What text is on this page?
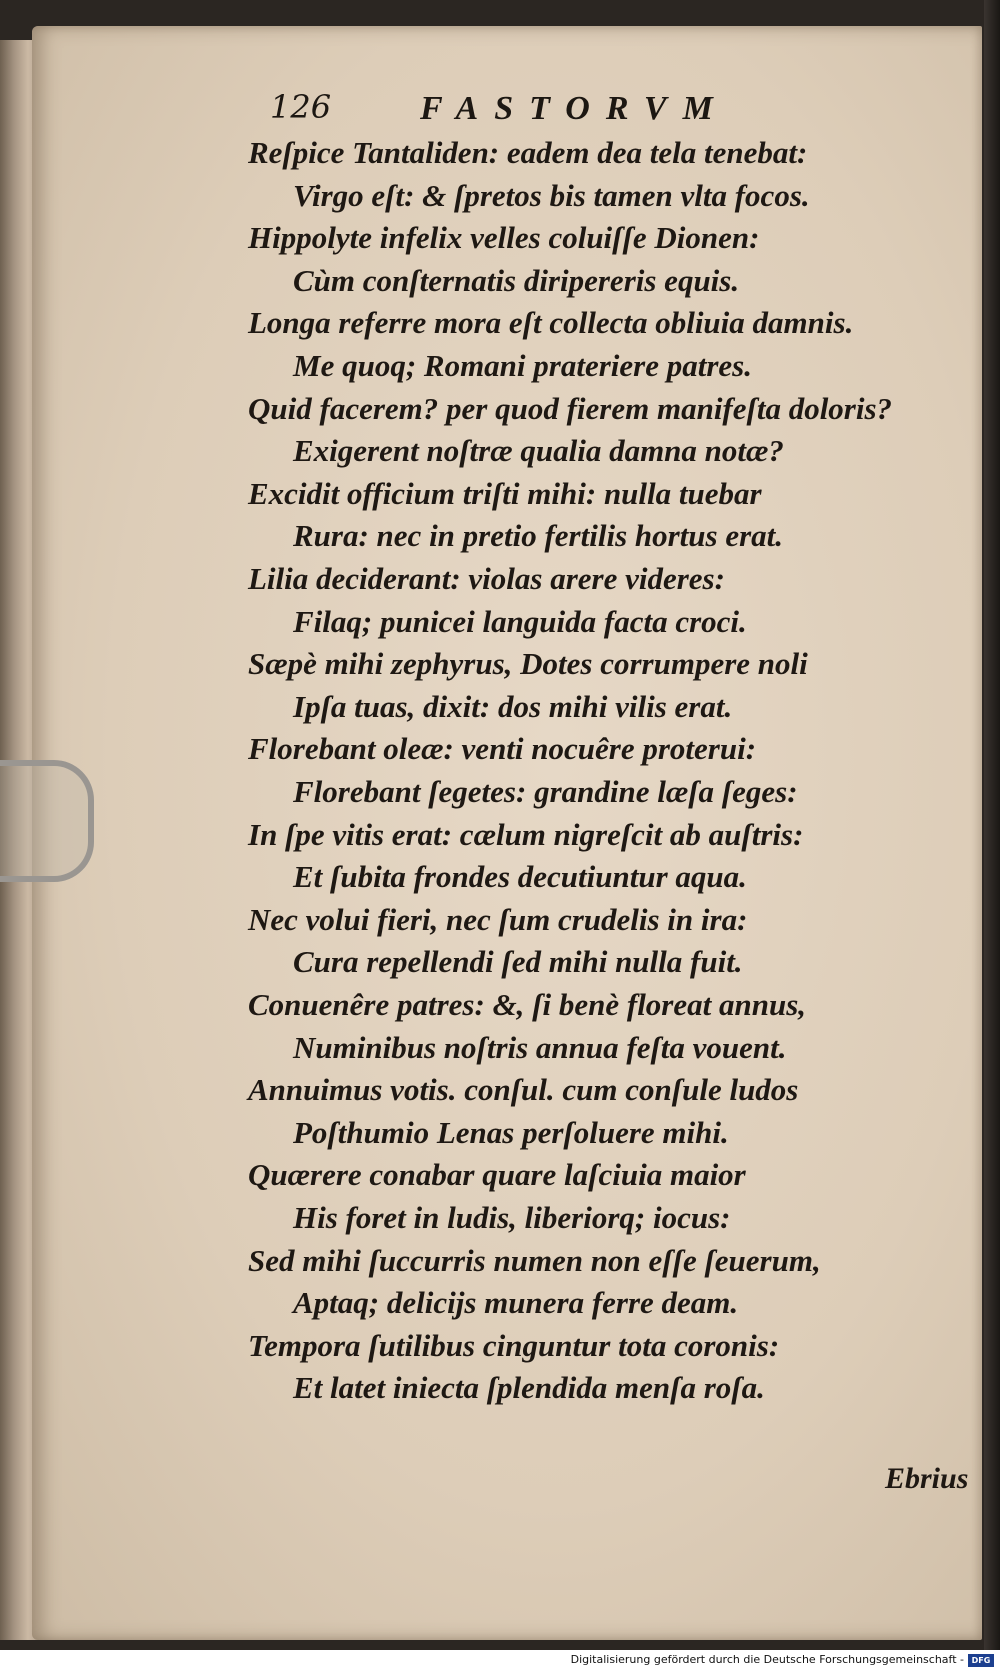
126	FASTORVM
Reſpice Tantaliden: eadem dea tela tenebat:
Virgo eſt: & ſpretos bis tamen vlta focos.
Hippolyte infelix velles coluiſſe Dionen:
Cùm conſternatis diripereris equis.
Longa referre mora eſt collecta obliuia damnis.
Me quoq; Romani prateriere patres.
Quid facerem? per quod fierem manifeſta doloris?
Exigerent noſtræ qualia damna notæ?
Excidit officium triſti mihi: nulla tuebar
Rura: nec in pretio fertilis hortus erat.
Lilia deciderant: violas arere videres:
Filaq; punicei languida facta croci.
Sæpè mihi zephyrus, Dotes corrumpere noli
Ipſa tuas, dixit: dos mihi vilis erat.
Florebant oleæ: venti nocuêre proterui:
Florebant ſegetes: grandine læſa ſeges:
In ſpe vitis erat: cælum nigreſcit ab auſtris:
Et ſubita frondes decutiuntur aqua.
Nec volui fieri, nec ſum crudelis in ira:
Cura repellendi ſed mihi nulla fuit.
Conuenêre patres: &, ſi benè floreat annus,
Numinibus noſtris annua feſta vouent.
Annuimus votis. conſul. cum conſule ludos
Poſthumio Lenas perſoluere mihi.
Quærere conabar quare laſciuia maior
His foret in ludis, liberiorq; iocus:
Sed mihi ſuccurris numen non eſſe ſeuerum,
Aptaq; delicijs munera ferre deam.
Tempora ſutilibus cinguntur tota coronis:
Et latet iniecta ſplendida menſa roſa.
Ebrius
Digitalisierung gefördert durch die Deutsche Forschungsgemeinschaft - DFG
